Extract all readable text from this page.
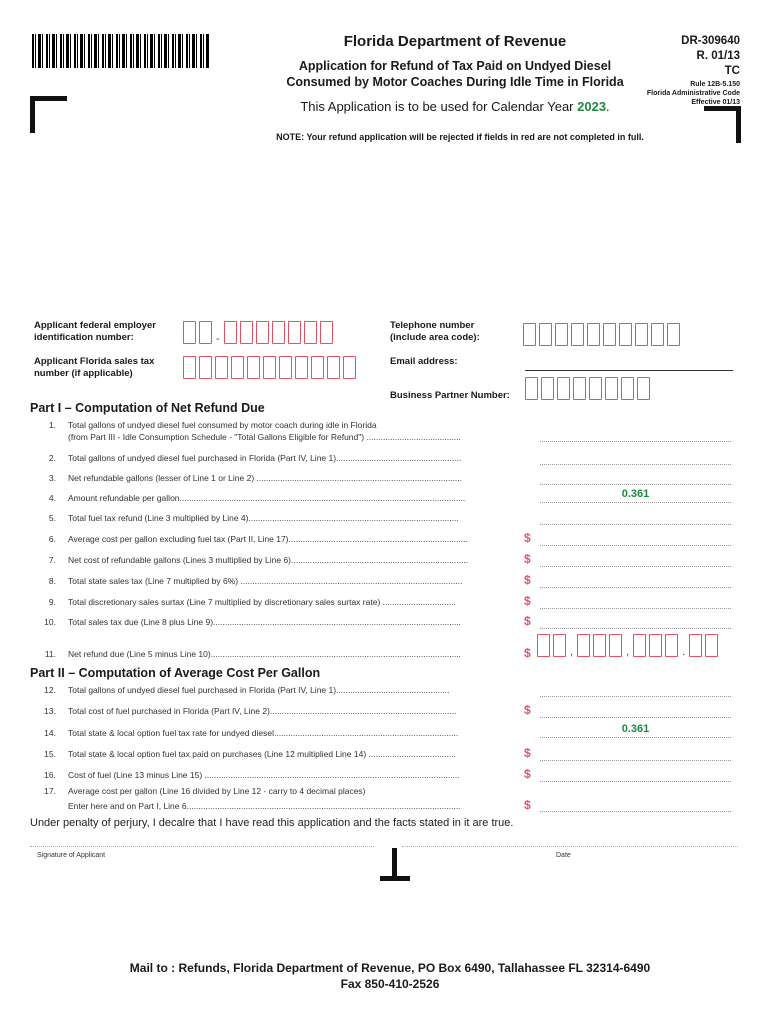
Florida Department of Revenue
Application for Refund of Tax Paid on Undyed Diesel
Consumed by Motor Coaches During Idle Time in Florida
This Application is to be used for Calendar Year 2023.
DR-309640
R. 01/13
TC
Rule 12B-5.150
Florida Administrative Code
Effective 01/13
NOTE: Your refund application will be rejected if fields in red are not completed in full.
Applicant federal employer
identification number:	-
Applicant Florida sales tax
number (if applicable)
Telephone number
(include area code):
Email address:
Business Partner Number:
Part I – Computation of Net Refund Due
1. Total gallons of undyed diesel fuel consumed by motor coach during idle in Florida
(from Part III - Idle Consumption Schedule - "Total Gallons Eligible for Refund") ........................................
2. Total gallons of undyed diesel fuel purchased in Florida (Part IV, Line 1).....................................................
3. Net refundable gallons (lesser of Line 1 or Line 2) .......................................................................................
4. Amount refundable per gallon.........................................................................................................................	0.361
5. Total fuel tax refund (Line 3 multiplied by Line 4).........................................................................................
6. Average cost per gallon excluding fuel tax (Part II, Line 17)............................................................................	$
7. Net cost of refundable gallons (Lines 3 multiplied by Line 6)...........................................................................	$
8. Total state sales tax (Line 7 multiplied by 6%) ..............................................................................................	$
9. Total discretionary sales surtax (Line 7 multiplied by discretionary sales surtax rate) ...............................	$
10. Total sales tax due (Line 8 plus Line 9).........................................................................................................	$
11. Net refund due (Line 5 minus Line 10)..........................................................................................................	$	,	,	.
Part II – Computation of Average Cost Per Gallon
12. Total gallons of undyed diesel fuel purchased in Florida (Part IV, Line 1)................................................
13. Total cost of fuel purchased in Florida (Part IV, Line 2)...............................................................................	$
14. Total state & local option fuel tax rate for undyed diesel..............................................................................	0.361
15. Total state & local option fuel tax paid on purchases (Line 12 multiplied Line 14) .....................................	$
16. Cost of fuel (Line 13 minus Line 15) ............................................................................................................	$
17. Average cost per gallon (Line 16 divided by Line 12 - carry to 4 decimal places)
Enter here and on Part I, Line 6....................................................................................................................	$
Under penalty of perjury, I decalre that I have read this application and the facts stated in it are true.
Signature of Applicant	Date
Mail to : Refunds, Florida Department of Revenue, PO Box 6490, Tallahassee FL 32314-6490
Fax 850-410-2526
